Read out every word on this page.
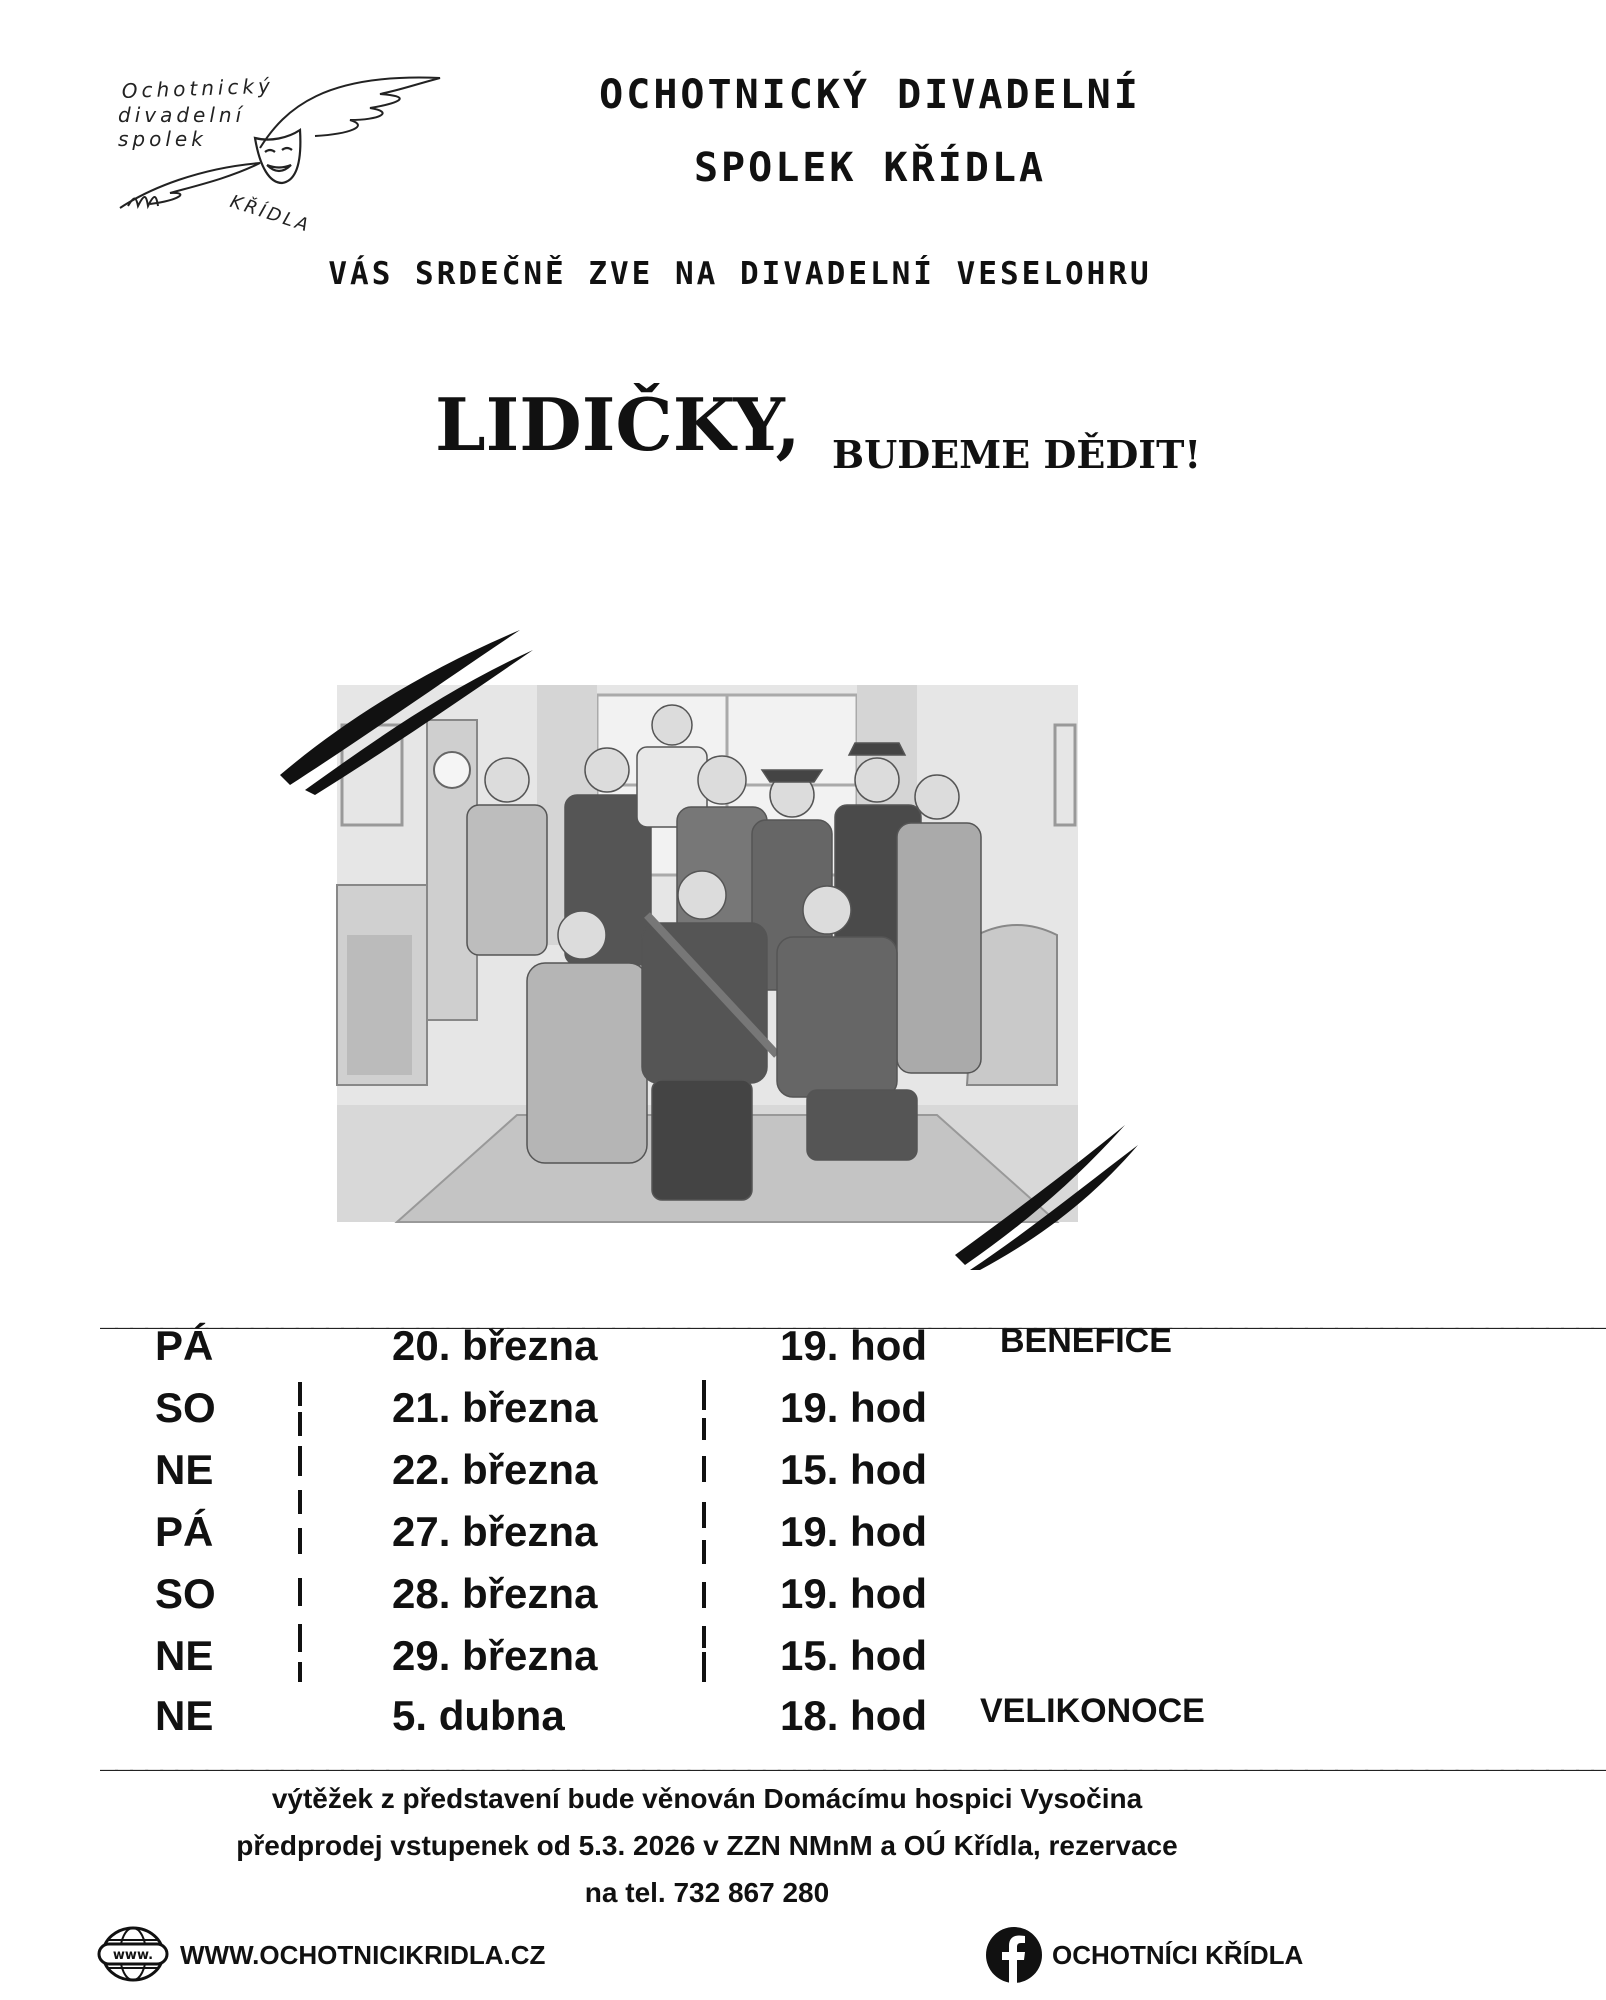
Ochotnický
divadelní
spolek
KŘÍDLA
OCHOTNICKÝ DIVADELNÍ
SPOLEK KŘÍDLA
VÁS SRDEČNĚ ZVE NA DIVADELNÍ VESELOHRU
LIDIČKY, BUDEME DĚDIT!
____________________________________________________________________________________________________
____________________________________________________________________________________________________
PÁ	20. března	19. hod BENEFICE
SO	21. března	19. hod
NE	22. března	15. hod
PÁ	27. března	19. hod
SO	28. března	19. hod
NE	29. března	15. hod
NE	5. dubna	18. hod VELIKONOCE
výtěžek z představení bude věnován Domácímu hospici Vysočina
předprodej vstupenek od 5.3. 2026 v ZZN NMnM a OÚ Křídla, rezervace
na tel. 732 867 280
www. WWW.OCHOTNICIKRIDLA.CZ	OCHOTNÍCI KŘÍDLA
